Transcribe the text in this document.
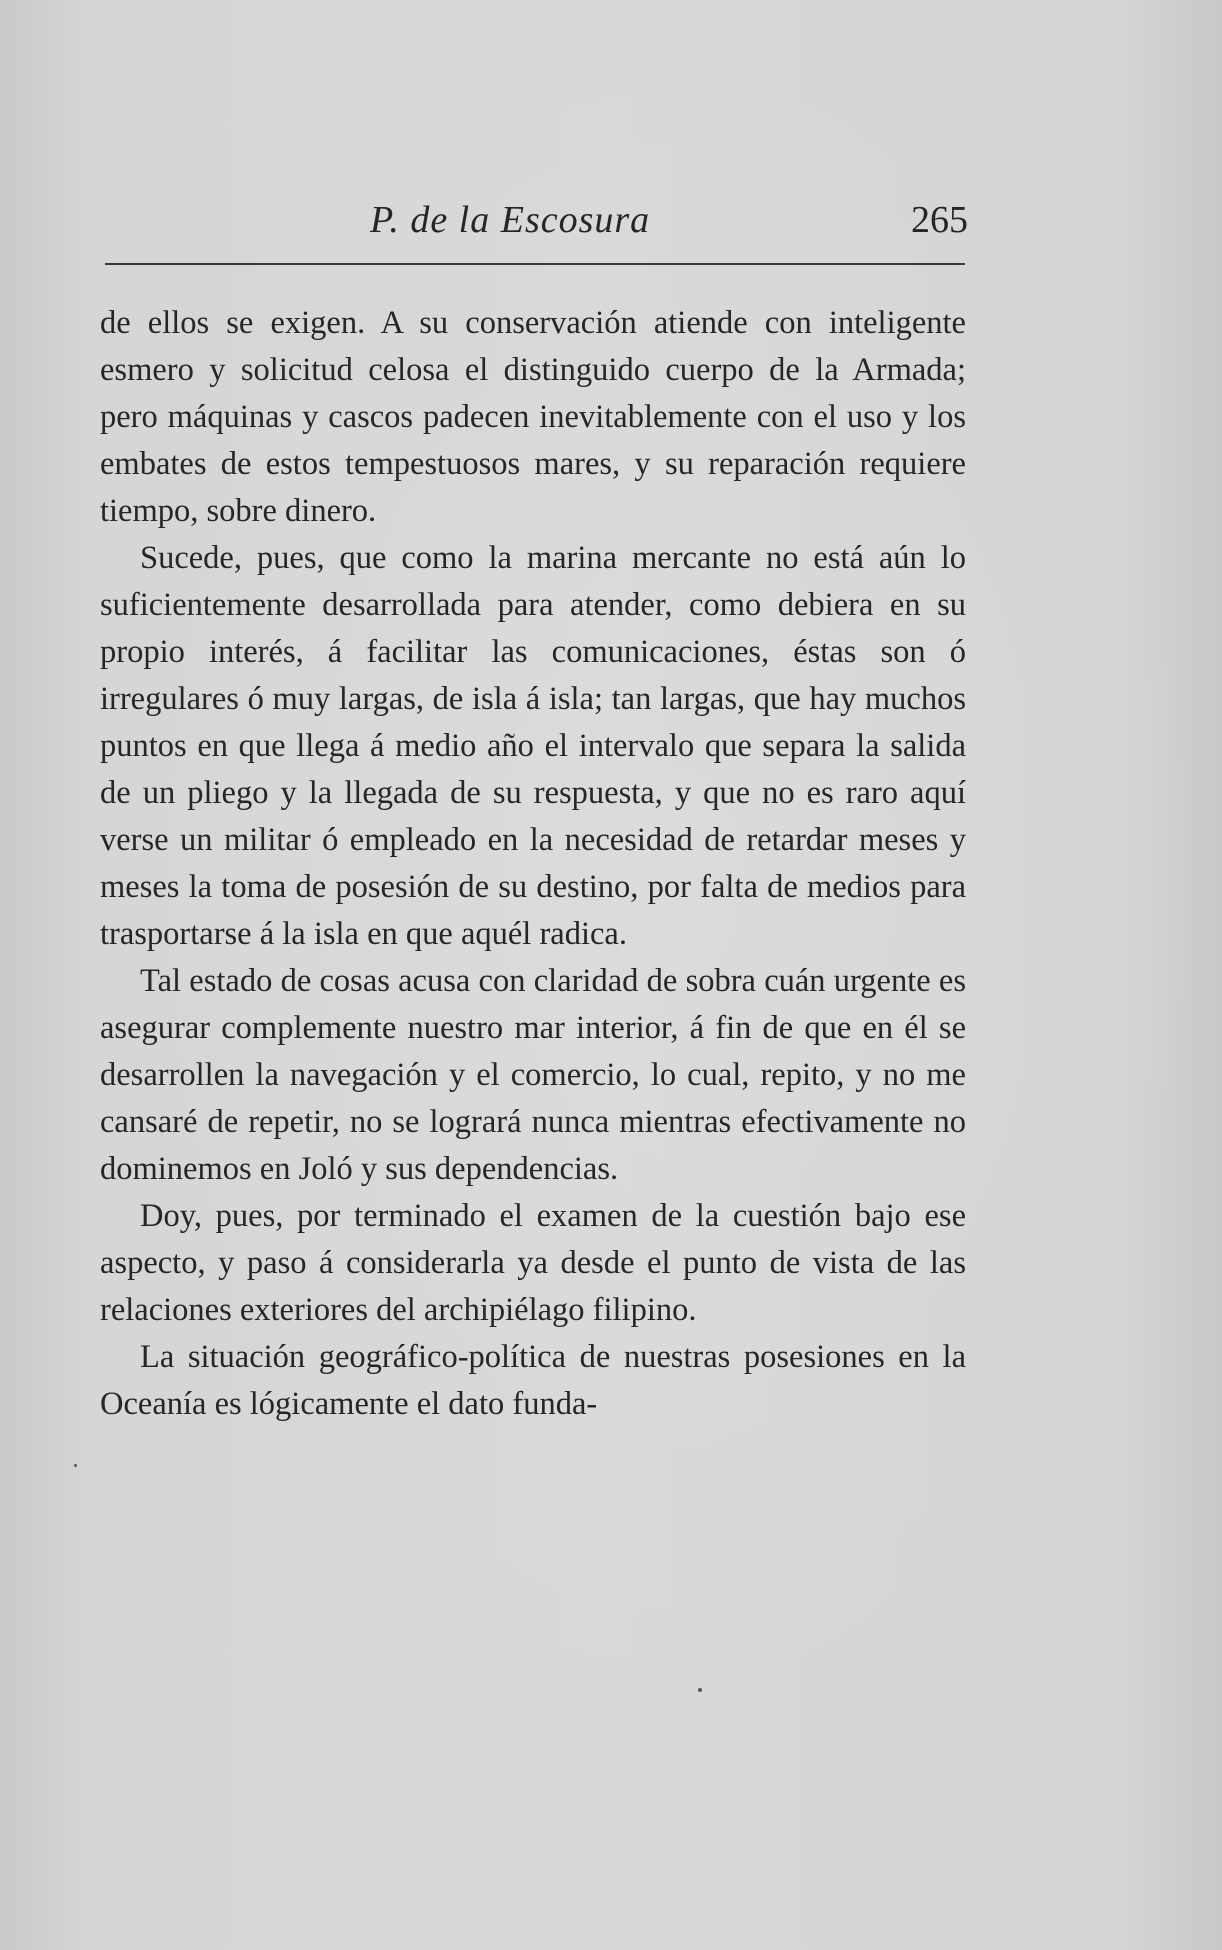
P. de la Escosura	265

de ellos se exigen. A su conservación atiende con inteligente esmero y solicitud celosa el distinguido cuerpo de la Armada; pero máquinas y cascos padecen inevitablemente con el uso y los embates de estos tempestuosos mares, y su reparación requiere tiempo, sobre dinero.

Sucede, pues, que como la marina mercante no está aún lo suficientemente desarrollada para atender, como debiera en su propio interés, á facilitar las comunicaciones, éstas son ó irregulares ó muy largas, de isla á isla; tan largas, que hay muchos puntos en que llega á medio año el intervalo que separa la salida de un pliego y la llegada de su respuesta, y que no es raro aquí verse un militar ó empleado en la necesidad de retardar meses y meses la toma de posesión de su destino, por falta de medios para trasportarse á la isla en que aquél radica.

Tal estado de cosas acusa con claridad de sobra cuán urgente es asegurar complemente nuestro mar interior, á fin de que en él se desarrollen la navegación y el comercio, lo cual, repito, y no me cansaré de repetir, no se logrará nunca mientras efectivamente no dominemos en Joló y sus dependencias.

Doy, pues, por terminado el examen de la cuestión bajo ese aspecto, y paso á considerarla ya desde el punto de vista de las relaciones exteriores del archipiélago filipino.

La situación geográfico-política de nuestras posesiones en la Oceanía es lógicamente el dato funda-
